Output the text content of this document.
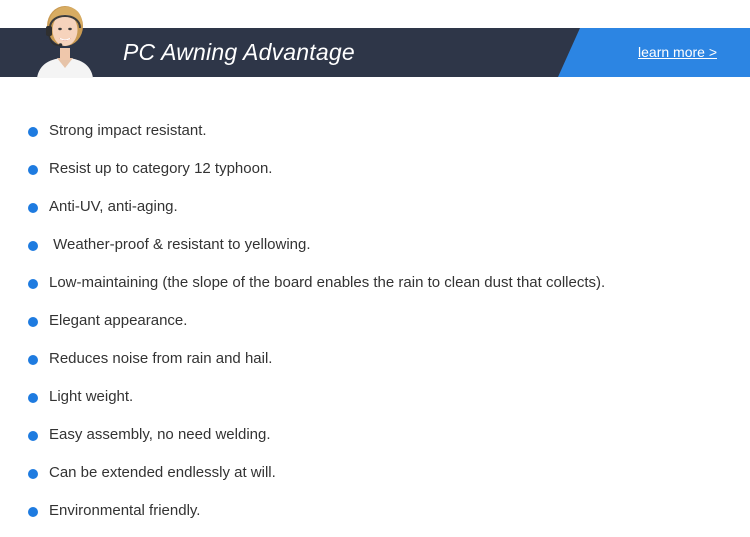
PC Awning Advantage	learn more >
Strong impact resistant.
Resist up to category 12 typhoon.
Anti-UV, anti-aging.
Weather-proof & resistant to yellowing.
Low-maintaining (the slope of the board enables the rain to clean dust that collects).
Elegant appearance.
Reduces noise from rain and hail.
Light weight.
Easy assembly, no need welding.
Can be extended endlessly at will.
Environmental friendly.
